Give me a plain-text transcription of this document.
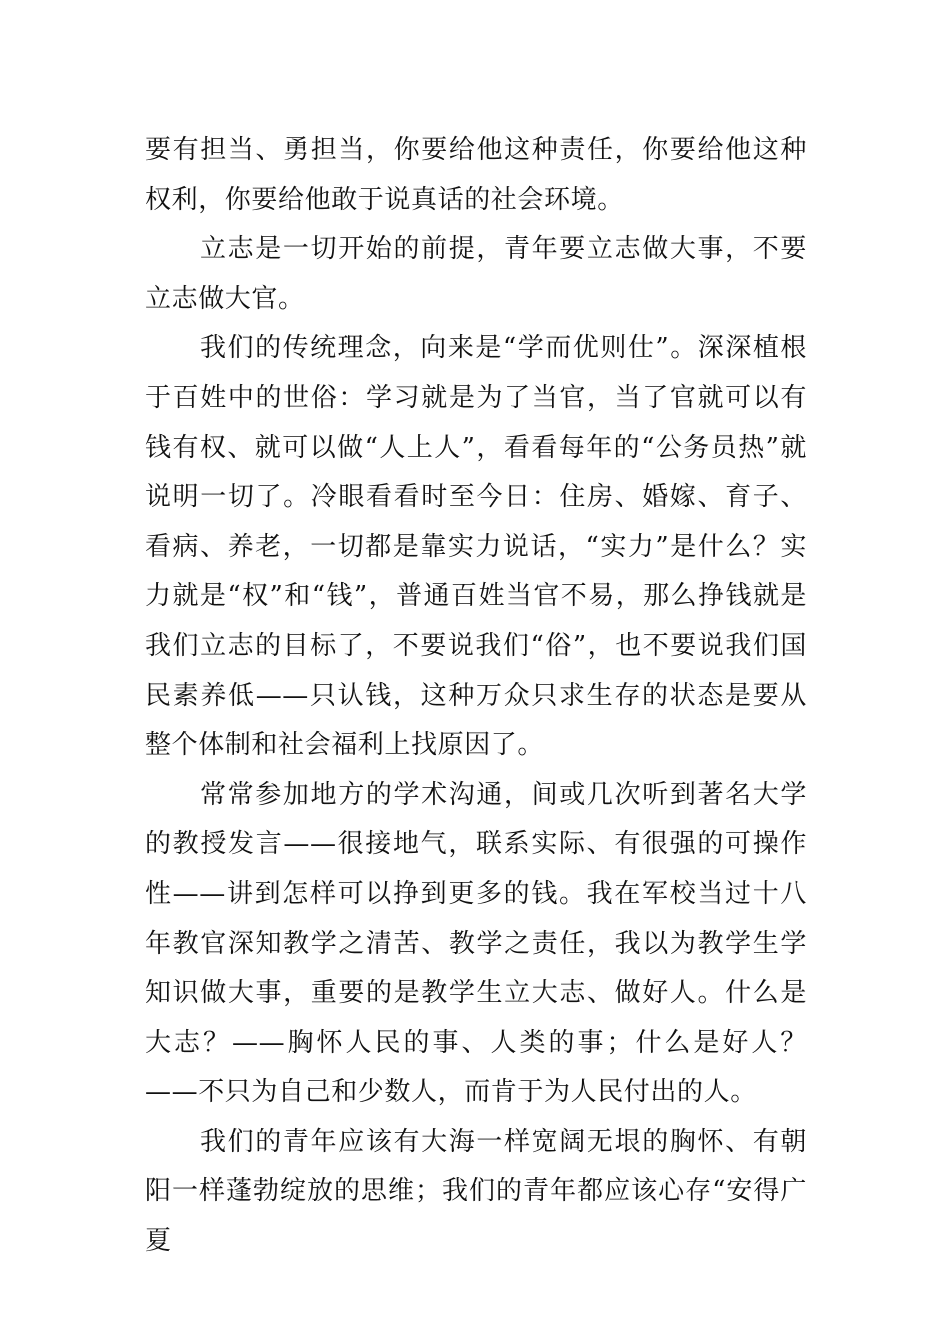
要有担当、勇担当，你要给他这种责任，你要给他这种权利，你要给他敢于说真话的社会环境。

立志是一切开始的前提，青年要立志做大事，不要立志做大官。

我们的传统理念，向来是“学而优则仕”。深深植根于百姓中的世俗：学习就是为了当官，当了官就可以有钱有权、就可以做“人上人”，看看每年的“公务员热”就说明一切了。冷眼看看时至今日：住房、婚嫁、育子、看病、养老，一切都是靠实力说话，“实力”是什么？实力就是“权”和“钱”，普通百姓当官不易，那么挣钱就是我们立志的目标了，不要说我们“俗”，也不要说我们国民素养低——只认钱，这种万众只求生存的状态是要从整个体制和社会福利上找原因了。

常常参加地方的学术沟通，间或几次听到著名大学的教授发言——很接地气，联系实际、有很强的可操作性——讲到怎样可以挣到更多的钱。我在军校当过十八年教官深知教学之清苦、教学之责任，我以为教学生学知识做大事，重要的是教学生立大志、做好人。什么是大志？——胸怀人民的事、人类的事；什么是好人？——不只为自己和少数人，而肯于为人民付出的人。

我们的青年应该有大海一样宽阔无垠的胸怀、有朝阳一样蓬勃绽放的思维；我们的青年都应该心存“安得广夏
